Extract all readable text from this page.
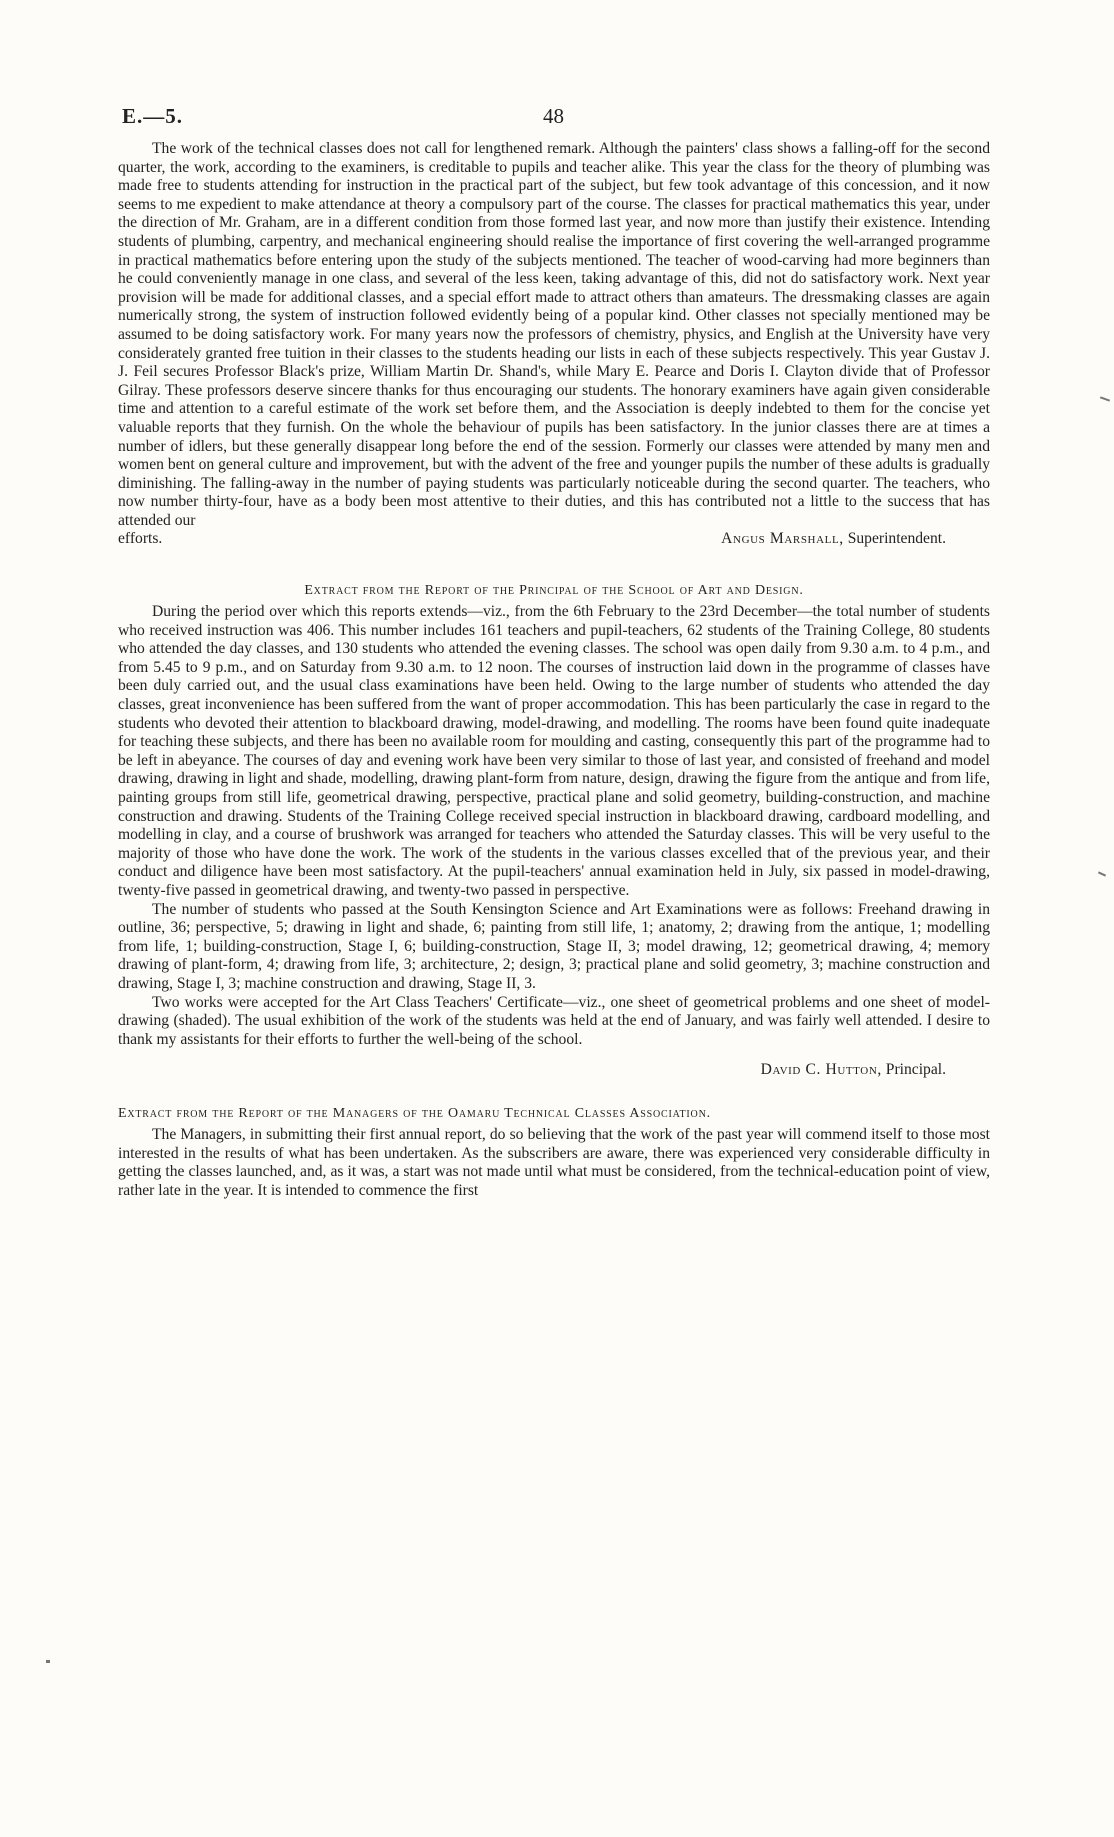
E.—5.	48

The work of the technical classes does not call for lengthened remark. Although the painters' class shows a falling-off for the second quarter, the work, according to the examiners, is creditable to pupils and teacher alike. This year the class for the theory of plumbing was made free to students attending for instruction in the practical part of the subject, but few took advantage of this concession, and it now seems to me expedient to make attendance at theory a compulsory part of the course. The classes for practical mathematics this year, under the direction of Mr. Graham, are in a different condition from those formed last year, and now more than justify their existence. Intending students of plumbing, carpentry, and mechanical engineering should realise the importance of first covering the well-arranged programme in practical mathematics before entering upon the study of the subjects mentioned. The teacher of wood-carving had more beginners than he could conveniently manage in one class, and several of the less keen, taking advantage of this, did not do satisfactory work. Next year provision will be made for additional classes, and a special effort made to attract others than amateurs. The dressmaking classes are again numerically strong, the system of instruction followed evidently being of a popular kind. Other classes not specially mentioned may be assumed to be doing satisfactory work. For many years now the professors of chemistry, physics, and English at the University have very considerately granted free tuition in their classes to the students heading our lists in each of these subjects respectively. This year Gustav J. J. Feil secures Professor Black's prize, William Martin Dr. Shand's, while Mary E. Pearce and Doris I. Clayton divide that of Professor Gilray. These professors deserve sincere thanks for thus encouraging our students. The honorary examiners have again given considerable time and attention to a careful estimate of the work set before them, and the Association is deeply indebted to them for the concise yet valuable reports that they furnish. On the whole the behaviour of pupils has been satisfactory. In the junior classes there are at times a number of idlers, but these generally disappear long before the end of the session. Formerly our classes were attended by many men and women bent on general culture and improvement, but with the advent of the free and younger pupils the number of these adults is gradually diminishing. The falling-away in the number of paying students was particularly noticeable during the second quarter. The teachers, who now number thirty-four, have as a body been most attentive to their duties, and this has contributed not a little to the success that has attended our

efforts.	Angus Marshall, Superintendent.
Extract from the Report of the Principal of the School of Art and Design.

During the period over which this reports extends—viz., from the 6th February to the 23rd December—the total number of students who received instruction was 406. This number includes 161 teachers and pupil-teachers, 62 students of the Training College, 80 students who attended the day classes, and 130 students who attended the evening classes. The school was open daily from 9.30 a.m. to 4 p.m., and from 5.45 to 9 p.m., and on Saturday from 9.30 a.m. to 12 noon. The courses of instruction laid down in the programme of classes have been duly carried out, and the usual class examinations have been held. Owing to the large number of students who attended the day classes, great inconvenience has been suffered from the want of proper accommodation. This has been particularly the case in regard to the students who devoted their attention to blackboard drawing, model-drawing, and modelling. The rooms have been found quite inadequate for teaching these subjects, and there has been no available room for moulding and casting, consequently this part of the programme had to be left in abeyance. The courses of day and evening work have been very similar to those of last year, and consisted of freehand and model drawing, drawing in light and shade, modelling, drawing plant-form from nature, design, drawing the figure from the antique and from life, painting groups from still life, geometrical drawing, perspective, practical plane and solid geometry, building-construction, and machine construction and drawing. Students of the Training College received special instruction in blackboard drawing, cardboard modelling, and modelling in clay, and a course of brushwork was arranged for teachers who attended the Saturday classes. This will be very useful to the majority of those who have done the work. The work of the students in the various classes excelled that of the previous year, and their conduct and diligence have been most satisfactory. At the pupil-teachers' annual examination held in July, six passed in model-drawing, twenty-five passed in geometrical drawing, and twenty-two passed in perspective.

The number of students who passed at the South Kensington Science and Art Examinations were as follows: Freehand drawing in outline, 36; perspective, 5; drawing in light and shade, 6; painting from still life, 1; anatomy, 2; drawing from the antique, 1; modelling from life, 1; building-construction, Stage I, 6; building-construction, Stage II, 3; model drawing, 12; geometrical drawing, 4; memory drawing of plant-form, 4; drawing from life, 3; architecture, 2; design, 3; practical plane and solid geometry, 3; machine construction and drawing, Stage I, 3; machine construction and drawing, Stage II, 3.

Two works were accepted for the Art Class Teachers' Certificate—viz., one sheet of geometrical problems and one sheet of model-drawing (shaded). The usual exhibition of the work of the students was held at the end of January, and was fairly well attended. I desire to thank my assistants for their efforts to further the well-being of the school.

David C. Hutton, Principal.
Extract from the Report of the Managers of the Oamaru Technical Classes Association.

The Managers, in submitting their first annual report, do so believing that the work of the past year will commend itself to those most interested in the results of what has been undertaken. As the subscribers are aware, there was experienced very considerable difficulty in getting the classes launched, and, as it was, a start was not made until what must be considered, from the technical-education point of view, rather late in the year. It is intended to commence the first
